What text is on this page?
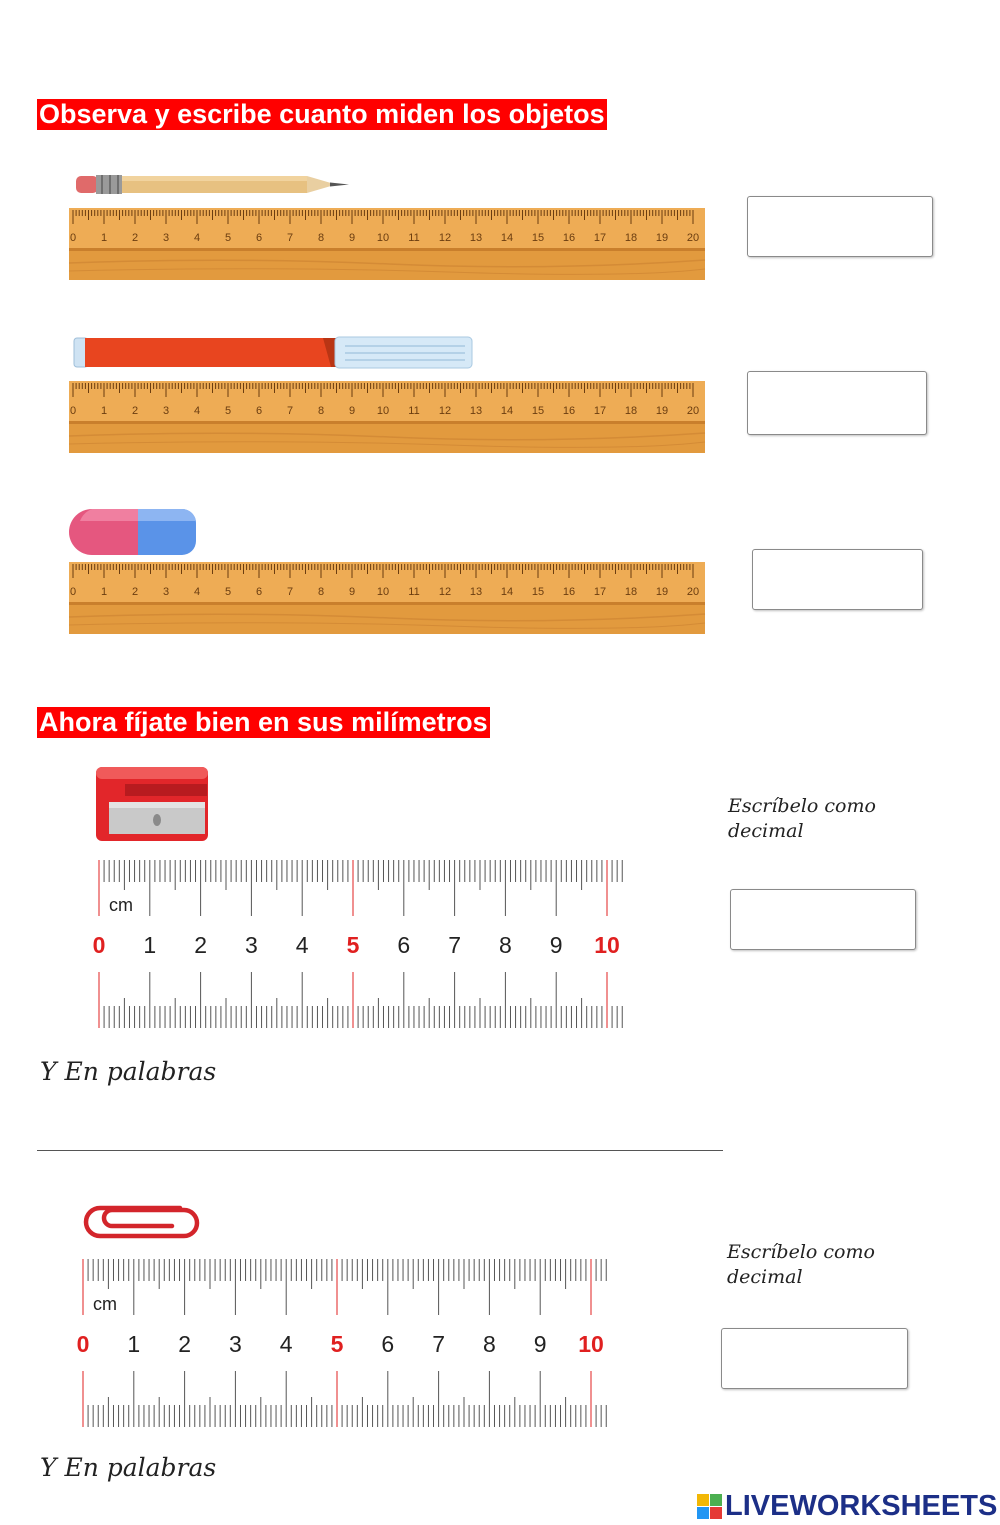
Observa y escribe cuanto miden los objetos
0 1 2 3 4 5 6 7 8 9 10 11 12 13 14 15 16 17 18 19 20
0 1 2 3 4 5 6 7 8 9 10 11 12 13 14 15 16 17 18 19 20
0 1 2 3 4 5 6 7 8 9 10 11 12 13 14 15 16 17 18 19 20
Ahora fíjate bien en sus milímetros
cm
0 1 2 3 4 5 6 7 8 9 10
Escríbelo como decimal
Y En palabras
cm
0 1 2 3 4 5 6 7 8 9 10
Escríbelo como decimal
Y En palabras
LIVEWORKSHEETS
